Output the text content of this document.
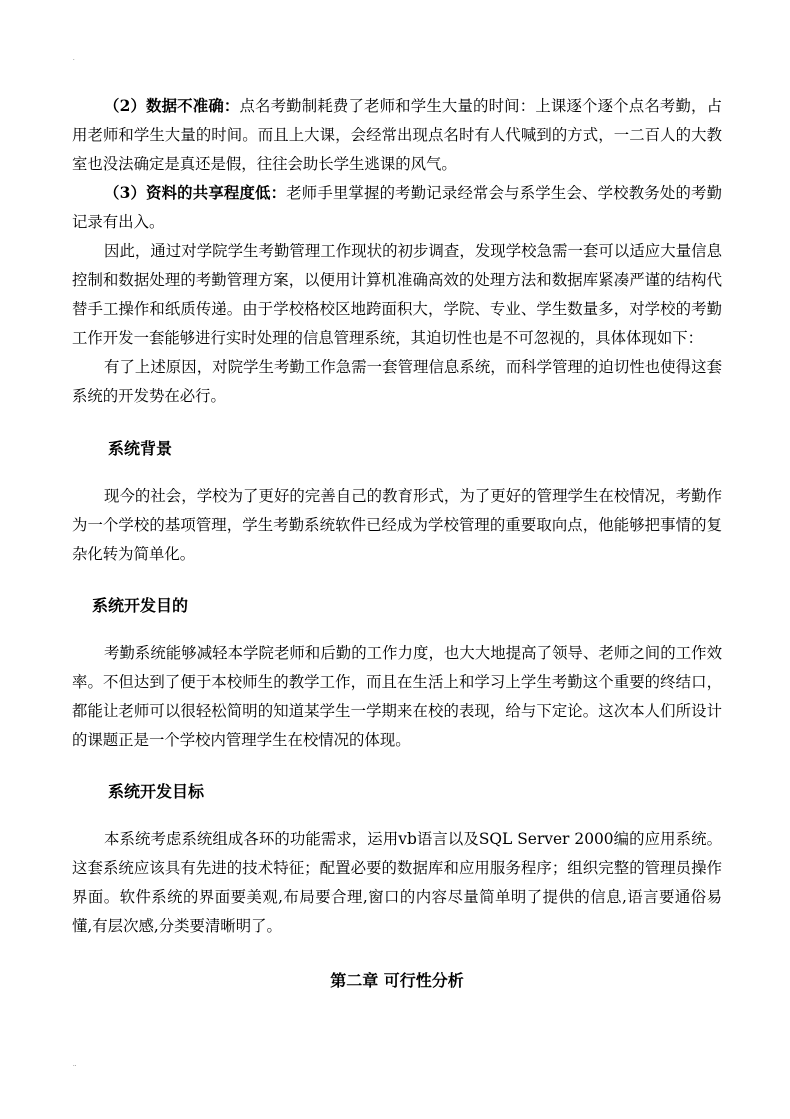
.

（2）数据不准确：点名考勤制耗费了老师和学生大量的时间：上课逐个逐个点名考勤，占用老师和学生大量的时间。而且上大课，会经常出现点名时有人代喊到的方式，一二百人的大教室也没法确定是真还是假，往往会助长学生逃课的风气。

（3）资料的共享程度低：老师手里掌握的考勤记录经常会与系学生会、学校教务处的考勤记录有出入。

因此，通过对学院学生考勤管理工作现状的初步调查，发现学校急需一套可以适应大量信息控制和数据处理的考勤管理方案，以便用计算机准确高效的处理方法和数据库紧凑严谨的结构代替手工操作和纸质传递。由于学校格校区地跨面积大，学院、专业、学生数量多，对学校的考勤工作开发一套能够进行实时处理的信息管理系统，其迫切性也是不可忽视的，具体体现如下：

有了上述原因，对院学生考勤工作急需一套管理信息系统，而科学管理的迫切性也使得这套系统的开发势在必行。

系统背景

现今的社会，学校为了更好的完善自己的教育形式，为了更好的管理学生在校情况，考勤作为一个学校的基项管理，学生考勤系统软件已经成为学校管理的重要取向点，他能够把事情的复杂化转为简单化。

系统开发目的

考勤系统能够减轻本学院老师和后勤的工作力度，也大大地提高了领导、老师之间的工作效率。不但达到了便于本校师生的教学工作，而且在生活上和学习上学生考勤这个重要的终结口，都能让老师可以很轻松简明的知道某学生一学期来在校的表现，给与下定论。这次本人们所设计的课题正是一个学校内管理学生在校情况的体现。

系统开发目标

本系统考虑系统组成各环的功能需求，运用vb语言以及SQL Server 2000编的应用系统。这套系统应该具有先进的技术特征；配置必要的数据库和应用服务程序；组织完整的管理员操作界面。软件系统的界面要美观,布局要合理,窗口的内容尽量简单明了提供的信息,语言要通俗易懂,有层次感,分类要清晰明了。

第二章 可行性分析
..
